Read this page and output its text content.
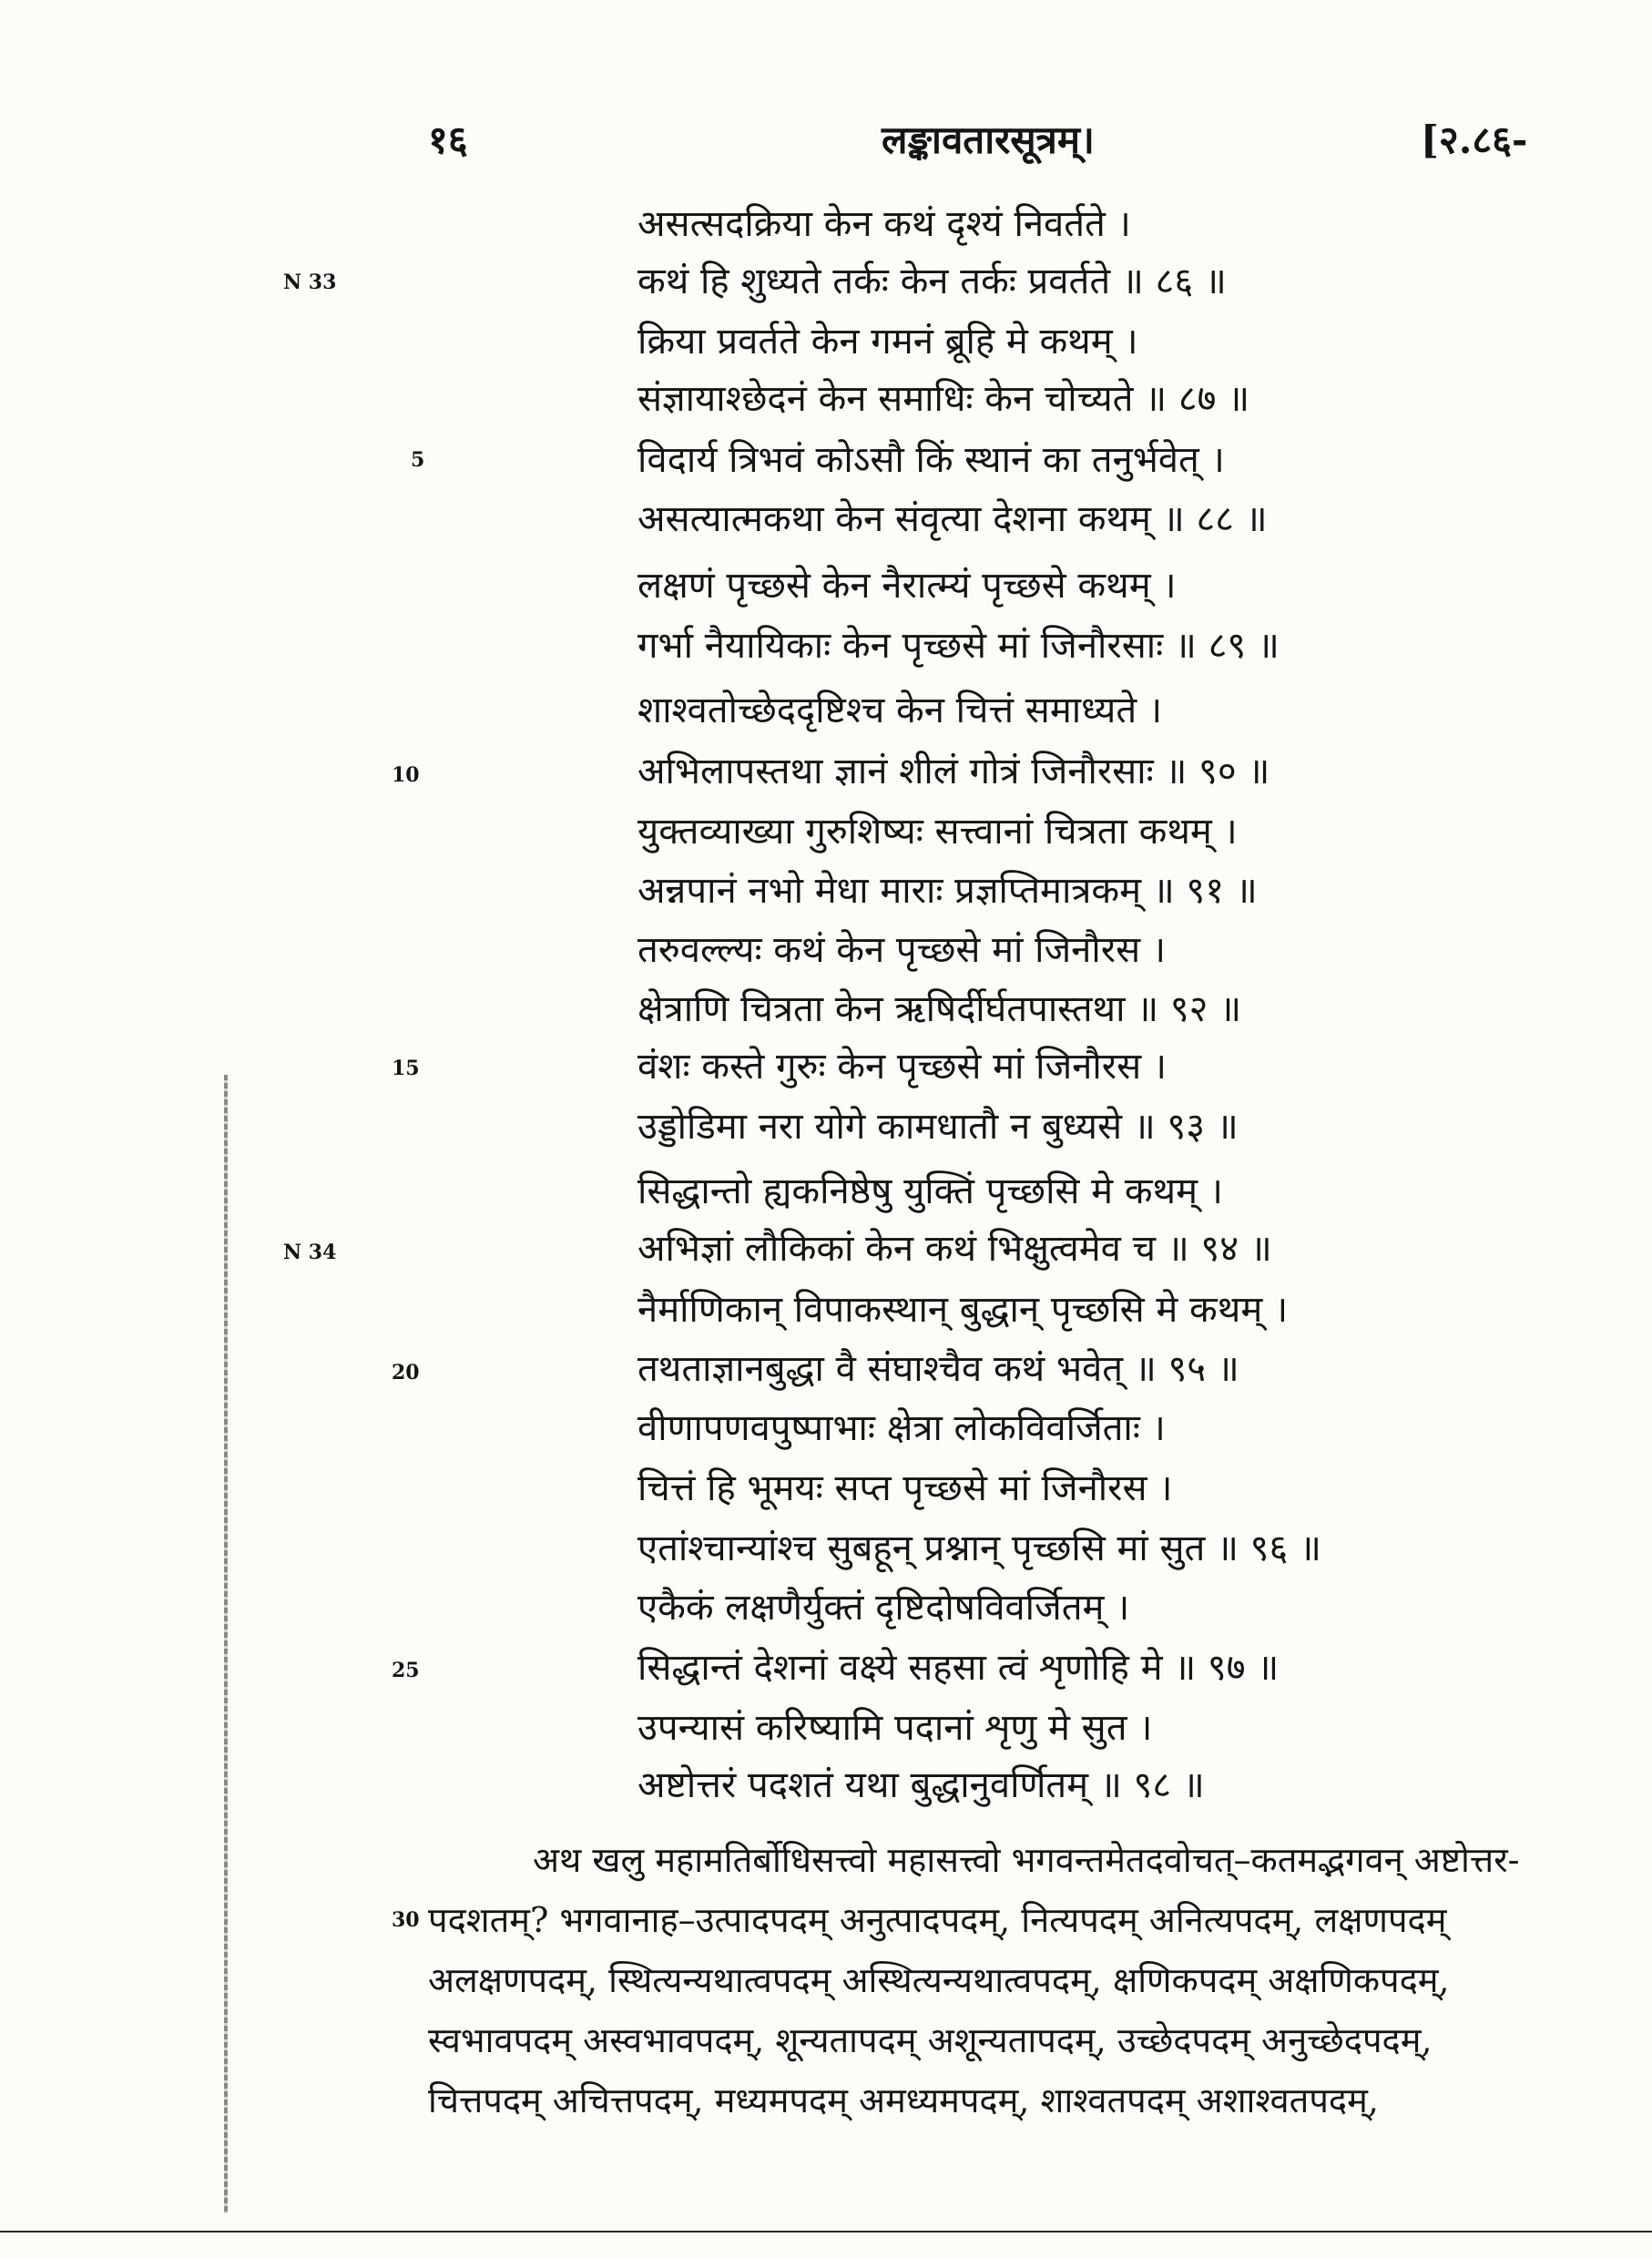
१६	लङ्कावतारसूत्रम्।	[२.८६-
N 33
5
10
15
N 34
20
25
30
असत्सदक्रिया केन कथं दृश्यं निवर्तते ।
कथं हि शुध्यते तर्कः केन तर्कः प्रवर्तते ॥ ८६ ॥
क्रिया प्रवर्तते केन गमनं ब्रूहि मे कथम् ।
संज्ञायाश्छेदनं केन समाधिः केन चोच्यते ॥ ८७ ॥
विदार्य त्रिभवं कोऽसौ किं स्थानं का तनुर्भवेत् ।
असत्यात्मकथा केन संवृत्या देशना कथम् ॥ ८८ ॥
लक्षणं पृच्छसे केन नैरात्म्यं पृच्छसे कथम् ।
गर्भा नैयायिकाः केन पृच्छसे मां जिनौरसाः ॥ ८९ ॥
शाश्वतोच्छेददृष्टिश्च केन चित्तं समाध्यते ।
अभिलापस्तथा ज्ञानं शीलं गोत्रं जिनौरसाः ॥ ९० ॥
युक्तव्याख्या गुरुशिष्यः सत्त्वानां चित्रता कथम् ।
अन्नपानं नभो मेधा माराः प्रज्ञप्तिमात्रकम् ॥ ९१ ॥
तरुवल्ल्यः कथं केन पृच्छसे मां जिनौरस ।
क्षेत्राणि चित्रता केन ऋषिर्दीर्घतपास्तथा ॥ ९२ ॥
वंशः कस्ते गुरुः केन पृच्छसे मां जिनौरस ।
उड्डोडिमा नरा योगे कामधातौ न बुध्यसे ॥ ९३ ॥
सिद्धान्तो ह्यकनिष्ठेषु युक्तिं पृच्छसि मे कथम् ।
अभिज्ञां लौकिकां केन कथं भिक्षुत्वमेव च ॥ ९४ ॥
नैर्माणिकान् विपाकस्थान् बुद्धान् पृच्छसि मे कथम् ।
तथताज्ञानबुद्धा वै संघाश्चैव कथं भवेत् ॥ ९५ ॥
वीणापणवपुष्पाभाः क्षेत्रा लोकविवर्जिताः ।
चित्तं हि भूमयः सप्त पृच्छसे मां जिनौरस ।
एतांश्चान्यांश्च सुबहून् प्रश्नान् पृच्छसि मां सुत ॥ ९६ ॥
एकैकं लक्षणैर्युक्तं दृष्टिदोषविवर्जितम् ।
सिद्धान्तं देशनां वक्ष्ये सहसा त्वं शृणोहि मे ॥ ९७ ॥
उपन्यासं करिष्यामि पदानां शृणु मे सुत ।
अष्टोत्तरं पदशतं यथा बुद्धानुवर्णितम् ॥ ९८ ॥
अथ खलु महामतिर्बोधिसत्त्वो महासत्त्वो भगवन्तमेतदवोचत्–कतमद्भगवन् अष्टोत्तर-
पदशतम्? भगवानाह–उत्पादपदम् अनुत्पादपदम्, नित्यपदम् अनित्यपदम्, लक्षणपदम्
अलक्षणपदम्, स्थित्यन्यथात्वपदम् अस्थित्यन्यथात्वपदम्, क्षणिकपदम् अक्षणिकपदम्,
स्वभावपदम् अस्वभावपदम्, शून्यतापदम् अशून्यतापदम्, उच्छेदपदम् अनुच्छेदपदम्,
चित्तपदम् अचित्तपदम्, मध्यमपदम् अमध्यमपदम्, शाश्वतपदम् अशाश्वतपदम्,
